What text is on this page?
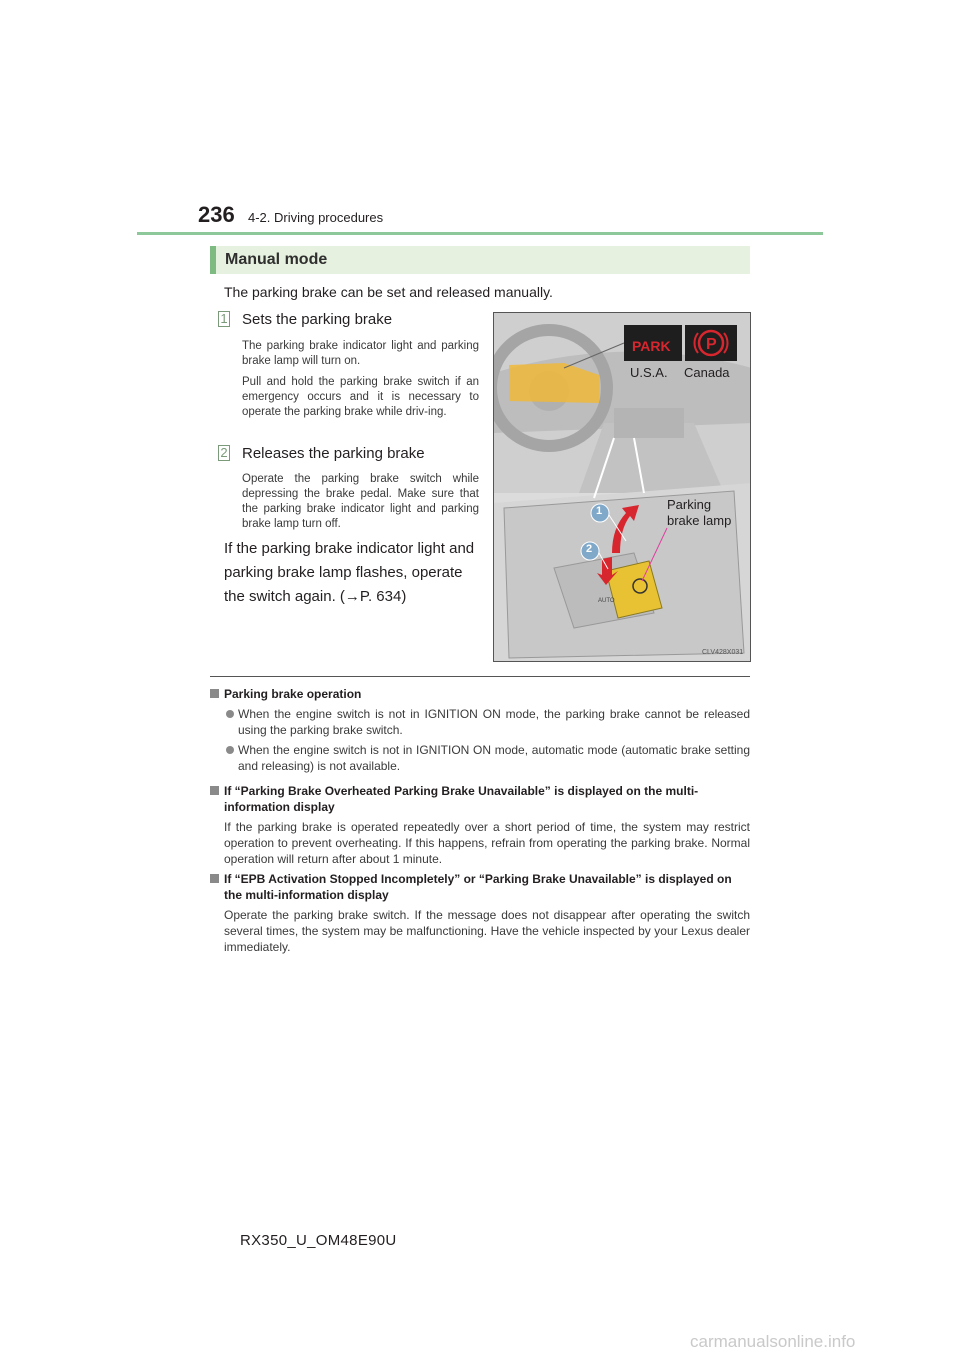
236 4-2. Driving procedures
Manual mode

The parking brake can be set and released manually.

1 Sets the parking brake

The parking brake indicator light and parking brake lamp will turn on.

Pull and hold the parking brake switch if an emergency occurs and it is necessary to operate the parking brake while driv-ing.

2 Releases the parking brake

Operate the parking brake switch while depressing the brake pedal. Make sure that the parking brake indicator light and parking brake lamp turn off.

If the parking brake indicator light and parking brake lamp flashes, operate the switch again. (→P. 634)

P
PARK
U.S.A. Canada
Parking
brake lamp
1
2
AUTO
CLV428X031
Parking brake operation
When the engine switch is not in IGNITION ON mode, the parking brake cannot be released using the parking brake switch.
When the engine switch is not in IGNITION ON mode, automatic mode (automatic brake setting and releasing) is not available.
If “Parking Brake Overheated Parking Brake Unavailable” is displayed on the multi-information display
If the parking brake is operated repeatedly over a short period of time, the system may restrict operation to prevent overheating. If this happens, refrain from operating the parking brake. Normal operation will return after about 1 minute.
If “EPB Activation Stopped Incompletely” or “Parking Brake Unavailable” is displayed on the multi-information display
Operate the parking brake switch. If the message does not disappear after operating the switch several times, the system may be malfunctioning. Have the vehicle inspected by your Lexus dealer immediately.
RX350_U_OM48E90U
carmanualsonline.info
